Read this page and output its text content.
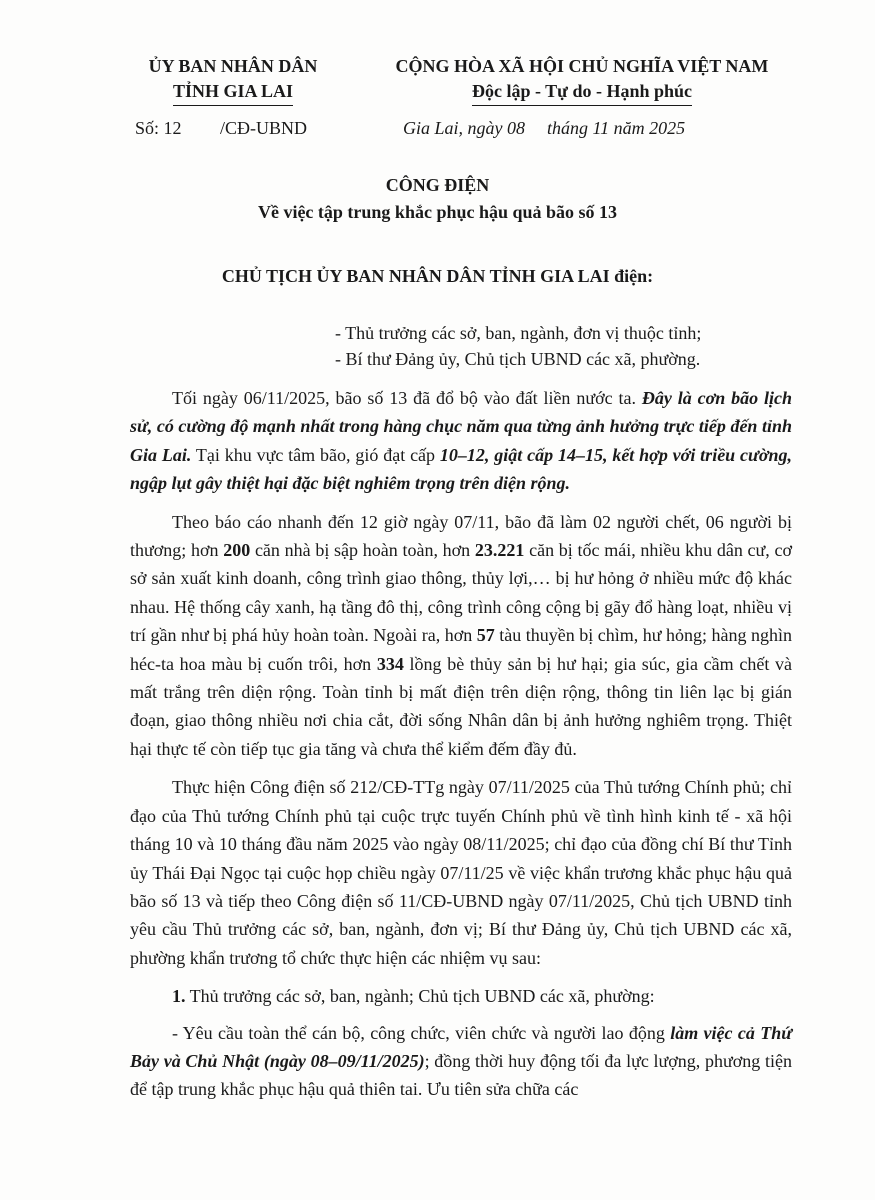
ỦY BAN NHÂN DÂN
TỈNH GIA LAI
CỘNG HÒA XÃ HỘI CHỦ NGHĨA VIỆT NAM
Độc lập - Tự do - Hạnh phúc
Số: 12 /CĐ-UBND	Gia Lai, ngày 08 tháng 11 năm 2025
CÔNG ĐIỆN
Về việc tập trung khắc phục hậu quả bão số 13
CHỦ TỊCH ỦY BAN NHÂN DÂN TỈNH GIA LAI điện:
- Thủ trưởng các sở, ban, ngành, đơn vị thuộc tỉnh;
- Bí thư Đảng ủy, Chủ tịch UBND các xã, phường.

Tối ngày 06/11/2025, bão số 13 đã đổ bộ vào đất liền nước ta. Đây là cơn bão lịch sử, có cường độ mạnh nhất trong hàng chục năm qua từng ảnh hưởng trực tiếp đến tỉnh Gia Lai. Tại khu vực tâm bão, gió đạt cấp 10–12, giật cấp 14–15, kết hợp với triều cường, ngập lụt gây thiệt hại đặc biệt nghiêm trọng trên diện rộng.

Theo báo cáo nhanh đến 12 giờ ngày 07/11, bão đã làm 02 người chết, 06 người bị thương; hơn 200 căn nhà bị sập hoàn toàn, hơn 23.221 căn bị tốc mái, nhiều khu dân cư, cơ sở sản xuất kinh doanh, công trình giao thông, thủy lợi,… bị hư hỏng ở nhiều mức độ khác nhau. Hệ thống cây xanh, hạ tầng đô thị, công trình công cộng bị gãy đổ hàng loạt, nhiều vị trí gần như bị phá hủy hoàn toàn. Ngoài ra, hơn 57 tàu thuyền bị chìm, hư hỏng; hàng nghìn héc-ta hoa màu bị cuốn trôi, hơn 334 lồng bè thủy sản bị hư hại; gia súc, gia cầm chết và mất trắng trên diện rộng. Toàn tỉnh bị mất điện trên diện rộng, thông tin liên lạc bị gián đoạn, giao thông nhiều nơi chia cắt, đời sống Nhân dân bị ảnh hưởng nghiêm trọng. Thiệt hại thực tế còn tiếp tục gia tăng và chưa thể kiểm đếm đầy đủ.

Thực hiện Công điện số 212/CĐ-TTg ngày 07/11/2025 của Thủ tướng Chính phủ; chỉ đạo của Thủ tướng Chính phủ tại cuộc trực tuyến Chính phủ về tình hình kinh tế - xã hội tháng 10 và 10 tháng đầu năm 2025 vào ngày 08/11/2025; chỉ đạo của đồng chí Bí thư Tỉnh ủy Thái Đại Ngọc tại cuộc họp chiều ngày 07/11/25 về việc khẩn trương khắc phục hậu quả bão số 13 và tiếp theo Công điện số 11/CĐ-UBND ngày 07/11/2025, Chủ tịch UBND tỉnh yêu cầu Thủ trưởng các sở, ban, ngành, đơn vị; Bí thư Đảng ủy, Chủ tịch UBND các xã, phường khẩn trương tổ chức thực hiện các nhiệm vụ sau:

1. Thủ trưởng các sở, ban, ngành; Chủ tịch UBND các xã, phường:

- Yêu cầu toàn thể cán bộ, công chức, viên chức và người lao động làm việc cả Thứ Bảy và Chủ Nhật (ngày 08–09/11/2025); đồng thời huy động tối đa lực lượng, phương tiện để tập trung khắc phục hậu quả thiên tai. Ưu tiên sửa chữa các
